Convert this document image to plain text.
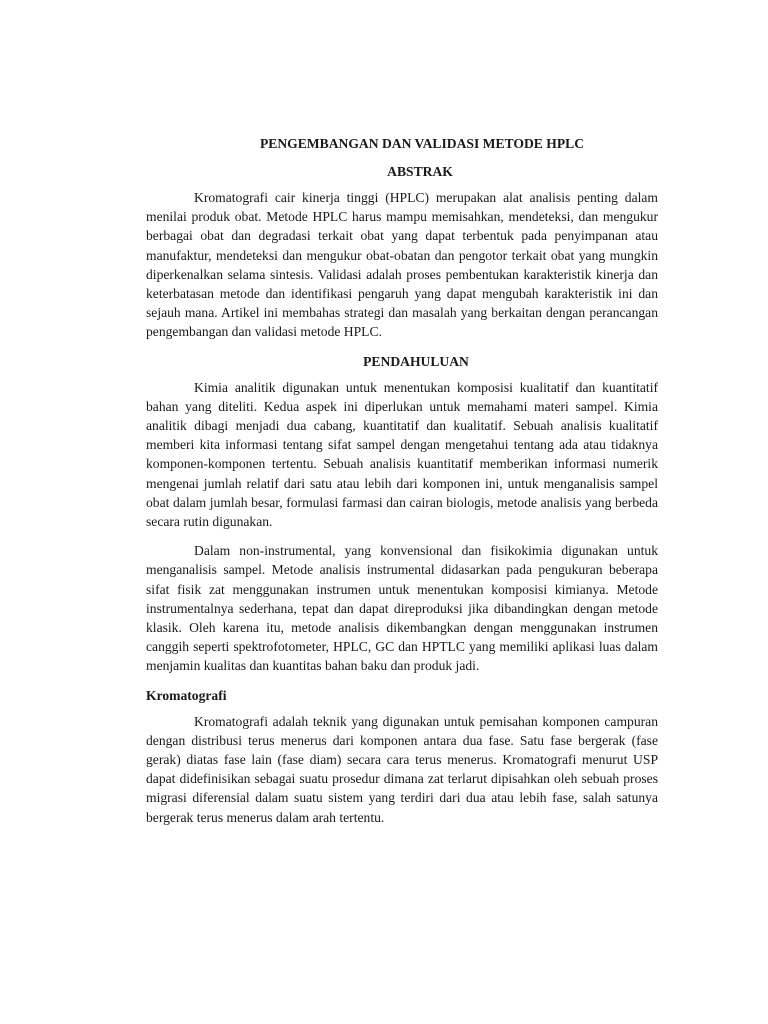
PENGEMBANGAN DAN VALIDASI METODE HPLC
ABSTRAK

Kromatografi cair kinerja tinggi (HPLC) merupakan alat analisis penting dalam menilai produk obat. Metode HPLC harus mampu memisahkan, mendeteksi, dan mengukur berbagai obat dan degradasi terkait obat yang dapat terbentuk pada penyimpanan atau manufaktur, mendeteksi dan mengukur obat-obatan dan pengotor terkait obat yang mungkin diperkenalkan selama sintesis. Validasi adalah proses pembentukan karakteristik kinerja dan keterbatasan metode dan identifikasi pengaruh yang dapat mengubah karakteristik ini dan sejauh mana. Artikel ini membahas strategi dan masalah yang berkaitan dengan perancangan pengembangan dan validasi metode HPLC.

PENDAHULUAN

Kimia analitik digunakan untuk menentukan komposisi kualitatif dan kuantitatif bahan yang diteliti. Kedua aspek ini diperlukan untuk memahami materi sampel. Kimia analitik dibagi menjadi dua cabang, kuantitatif dan kualitatif. Sebuah analisis kualitatif memberi kita informasi tentang sifat sampel dengan mengetahui tentang ada atau tidaknya komponen-komponen tertentu. Sebuah analisis kuantitatif memberikan informasi numerik mengenai jumlah relatif dari satu atau lebih dari komponen ini, untuk menganalisis sampel obat dalam jumlah besar, formulasi farmasi dan cairan biologis, metode analisis yang berbeda secara rutin digunakan.

Dalam non-instrumental, yang konvensional dan fisikokimia digunakan untuk menganalisis sampel. Metode analisis instrumental didasarkan pada pengukuran beberapa sifat fisik zat menggunakan instrumen untuk menentukan komposisi kimianya. Metode instrumentalnya sederhana, tepat dan dapat direproduksi jika dibandingkan dengan metode klasik. Oleh karena itu, metode analisis dikembangkan dengan menggunakan instrumen canggih seperti spektrofotometer, HPLC, GC dan HPTLC yang memiliki aplikasi luas dalam menjamin kualitas dan kuantitas bahan baku dan produk jadi.

Kromatografi

Kromatografi adalah teknik yang digunakan untuk pemisahan komponen campuran dengan distribusi terus menerus dari komponen antara dua fase. Satu fase bergerak (fase gerak) diatas fase lain (fase diam) secara cara terus menerus. Kromatografi menurut USP dapat didefinisikan sebagai suatu prosedur dimana zat terlarut dipisahkan oleh sebuah proses migrasi diferensial dalam suatu sistem yang terdiri dari dua atau lebih fase, salah satunya bergerak terus menerus dalam arah tertentu.
